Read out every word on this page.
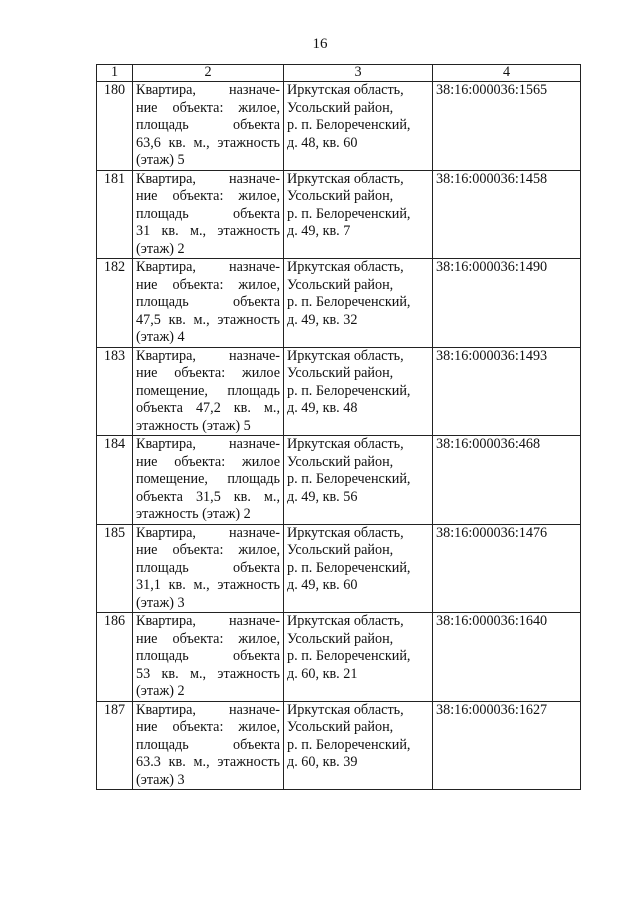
16
1	2	3	4
180	Квартира, назначе-
ние объекта: жилое,
площадь объекта
63,6 кв. м., этажность
(этаж) 5	Иркутская область,
Усольский район,
р. п. Белореченский,
д. 48, кв. 60	38:16:000036:1565
181	Квартира, назначе-
ние объекта: жилое,
площадь объекта
31 кв. м., этажность
(этаж) 2	Иркутская область,
Усольский район,
р. п. Белореченский,
д. 49, кв. 7	38:16:000036:1458
182	Квартира, назначе-
ние объекта: жилое,
площадь объекта
47,5 кв. м., этажность
(этаж) 4	Иркутская область,
Усольский район,
р. п. Белореченский,
д. 49, кв. 32	38:16:000036:1490
183	Квартира, назначе-
ние объекта: жилое
помещение, площадь
объекта 47,2 кв. м.,
этажность (этаж) 5	Иркутская область,
Усольский район,
р. п. Белореченский,
д. 49, кв. 48	38:16:000036:1493
184	Квартира, назначе-
ние объекта: жилое
помещение, площадь
объекта 31,5 кв. м.,
этажность (этаж) 2	Иркутская область,
Усольский район,
р. п. Белореченский,
д. 49, кв. 56	38:16:000036:468
185	Квартира, назначе-
ние объекта: жилое,
площадь объекта
31,1 кв. м., этажность
(этаж) 3	Иркутская область,
Усольский район,
р. п. Белореченский,
д. 49, кв. 60	38:16:000036:1476
186	Квартира, назначе-
ние объекта: жилое,
площадь объекта
53 кв. м., этажность
(этаж) 2	Иркутская область,
Усольский район,
р. п. Белореченский,
д. 60, кв. 21	38:16:000036:1640
187	Квартира, назначе-
ние объекта: жилое,
площадь объекта
63.3 кв. м., этажность
(этаж) 3	Иркутская область,
Усольский район,
р. п. Белореченский,
д. 60, кв. 39	38:16:000036:1627
